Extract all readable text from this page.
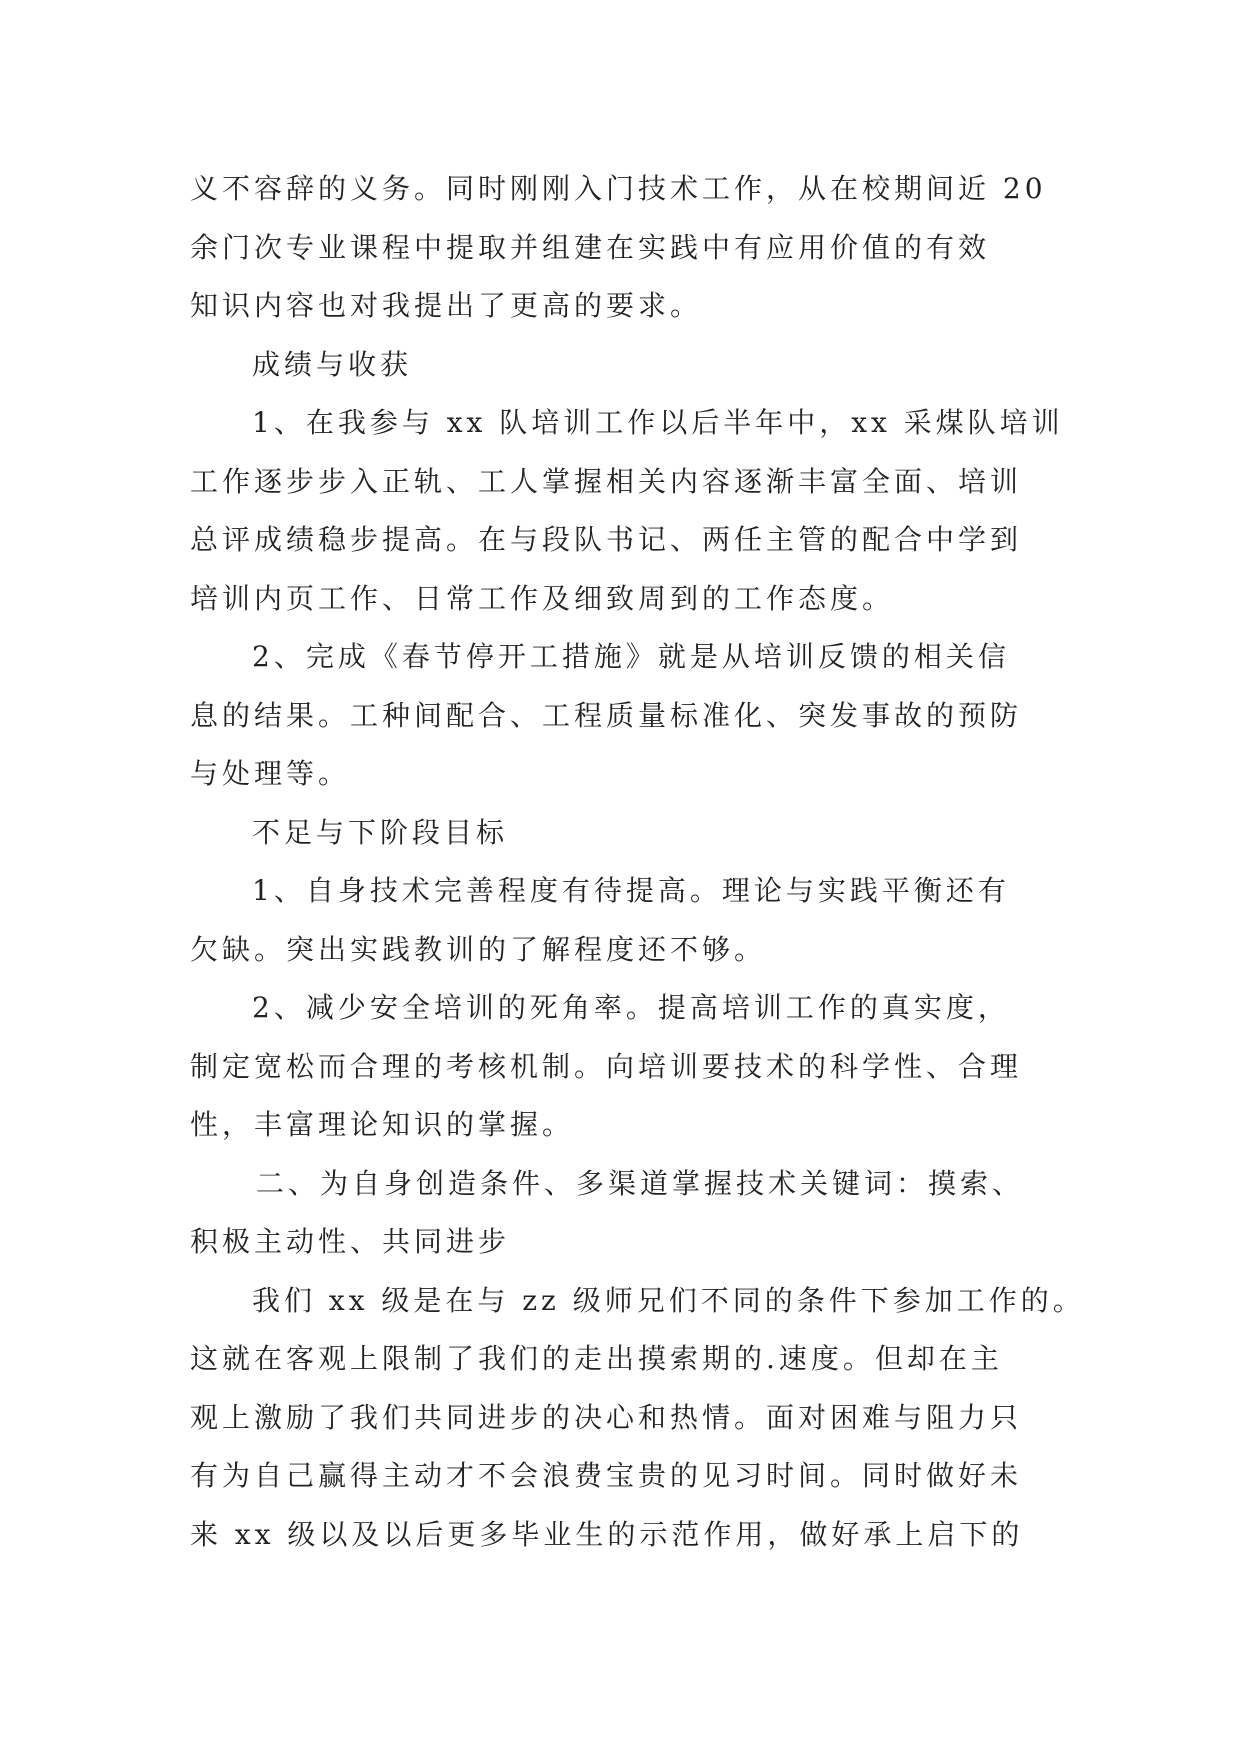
义不容辞的义务。同时刚刚入门技术工作，从在校期间近 20
余门次专业课程中提取并组建在实践中有应用价值的有效
知识内容也对我提出了更高的要求。
成绩与收获
1、在我参与 xx 队培训工作以后半年中，xx 采煤队培训
工作逐步步入正轨、工人掌握相关内容逐渐丰富全面、培训
总评成绩稳步提高。在与段队书记、两任主管的配合中学到
培训内页工作、日常工作及细致周到的工作态度。
2、完成《春节停开工措施》就是从培训反馈的相关信
息的结果。工种间配合、工程质量标准化、突发事故的预防
与处理等。
不足与下阶段目标
1、自身技术完善程度有待提高。理论与实践平衡还有
欠缺。突出实践教训的了解程度还不够。
2、减少安全培训的死角率。提高培训工作的真实度，
制定宽松而合理的考核机制。向培训要技术的科学性、合理
性，丰富理论知识的掌握。
二、为自身创造条件、多渠道掌握技术关键词：摸索、
积极主动性、共同进步
我们 xx 级是在与 zz 级师兄们不同的条件下参加工作的。
这就在客观上限制了我们的走出摸索期的.速度。但却在主
观上激励了我们共同进步的决心和热情。面对困难与阻力只
有为自己赢得主动才不会浪费宝贵的见习时间。同时做好未
来 xx 级以及以后更多毕业生的示范作用，做好承上启下的
